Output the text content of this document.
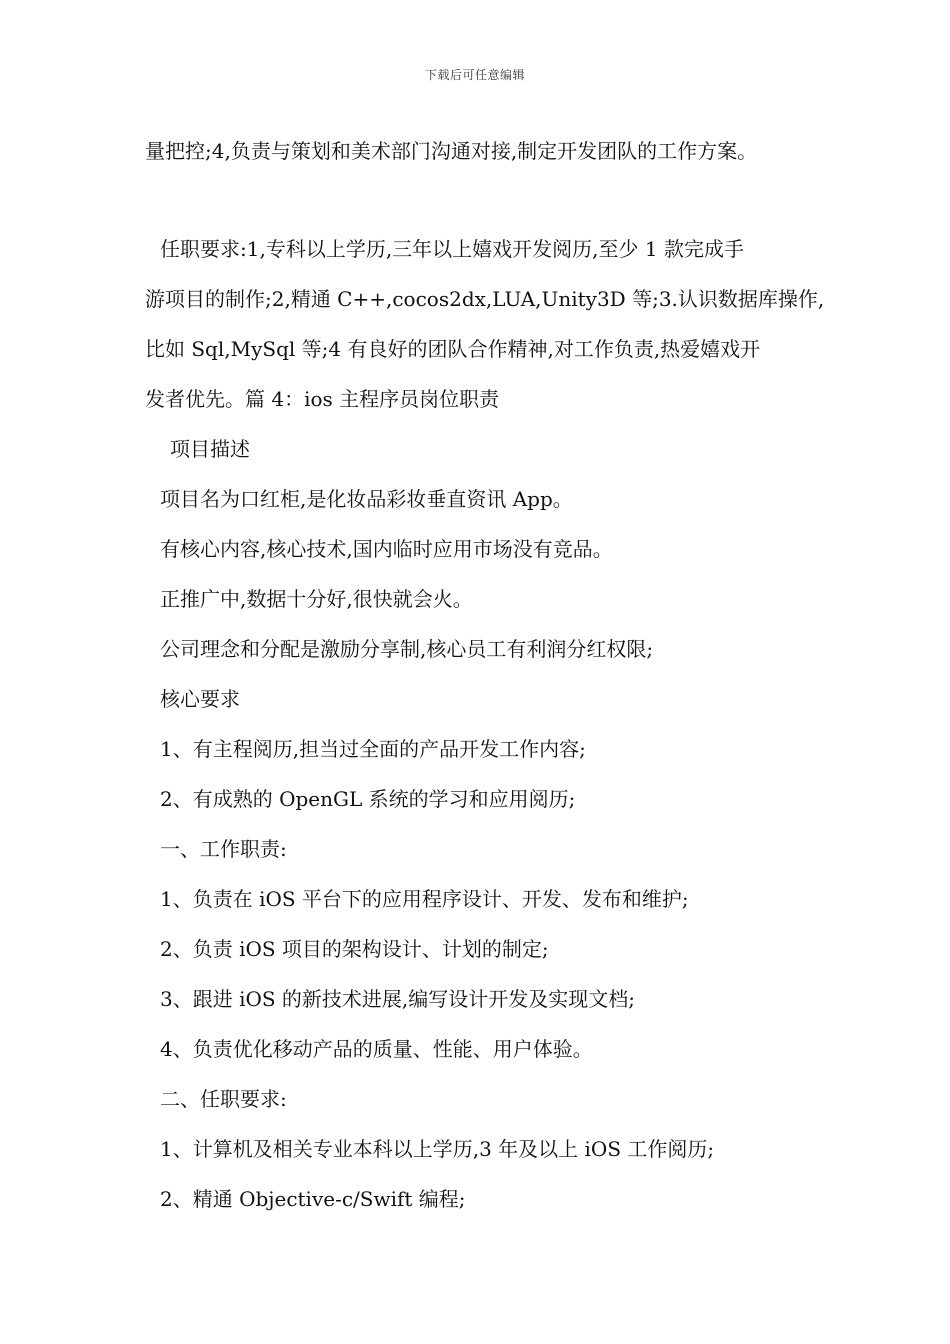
下载后可任意编辑
量把控;4,负责与策划和美术部门沟通对接,制定开发团队的工作方案。
任职要求:1,专科以上学历,三年以上嬉戏开发阅历,至少 1 款完成手
游项目的制作;2,精通 C++,cocos2dx,LUA,Unity3D 等;3.认识数据库操作,
比如 Sql,MySql 等;4 有良好的团队合作精神,对工作负责,热爱嬉戏开
发者优先。篇 4：ios 主程序员岗位职责
项目描述
项目名为口红柜,是化妆品彩妆垂直资讯 App。
有核心内容,核心技术,国内临时应用市场没有竞品。
正推广中,数据十分好,很快就会火。
公司理念和分配是激励分享制,核心员工有利润分红权限;
核心要求
1、有主程阅历,担当过全面的产品开发工作内容;
2、有成熟的 OpenGL 系统的学习和应用阅历;
一、工作职责:
1、负责在 iOS 平台下的应用程序设计、开发、发布和维护;
2、负责 iOS 项目的架构设计、计划的制定;
3、跟进 iOS 的新技术进展,编写设计开发及实现文档;
4、负责优化移动产品的质量、性能、用户体验。
二、任职要求:
1、计算机及相关专业本科以上学历,3 年及以上 iOS 工作阅历;
2、精通 Objective-c/Swift 编程;
